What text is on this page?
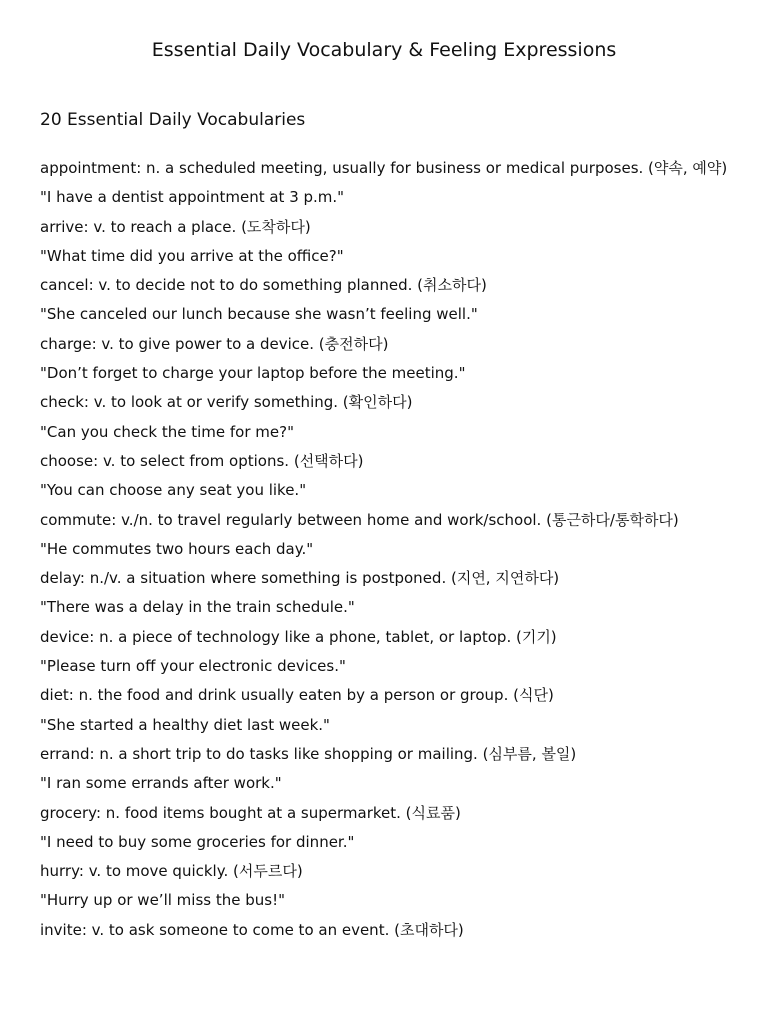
Essential Daily Vocabulary & Feeling Expressions
20 Essential Daily Vocabularies
appointment: n. a scheduled meeting, usually for business or medical purposes. (약속, 예약)
"I have a dentist appointment at 3 p.m."
arrive: v. to reach a place. (도착하다)
"What time did you arrive at the office?"
cancel: v. to decide not to do something planned. (취소하다)
"She canceled our lunch because she wasn’t feeling well."
charge: v. to give power to a device. (충전하다)
"Don’t forget to charge your laptop before the meeting."
check: v. to look at or verify something. (확인하다)
"Can you check the time for me?"
choose: v. to select from options. (선택하다)
"You can choose any seat you like."
commute: v./n. to travel regularly between home and work/school. (통근하다/통학하다)
"He commutes two hours each day."
delay: n./v. a situation where something is postponed. (지연, 지연하다)
"There was a delay in the train schedule."
device: n. a piece of technology like a phone, tablet, or laptop. (기기)
"Please turn off your electronic devices."
diet: n. the food and drink usually eaten by a person or group. (식단)
"She started a healthy diet last week."
errand: n. a short trip to do tasks like shopping or mailing. (심부름, 볼일)
"I ran some errands after work."
grocery: n. food items bought at a supermarket. (식료품)
"I need to buy some groceries for dinner."
hurry: v. to move quickly. (서두르다)
"Hurry up or we’ll miss the bus!"
invite: v. to ask someone to come to an event. (초대하다)
